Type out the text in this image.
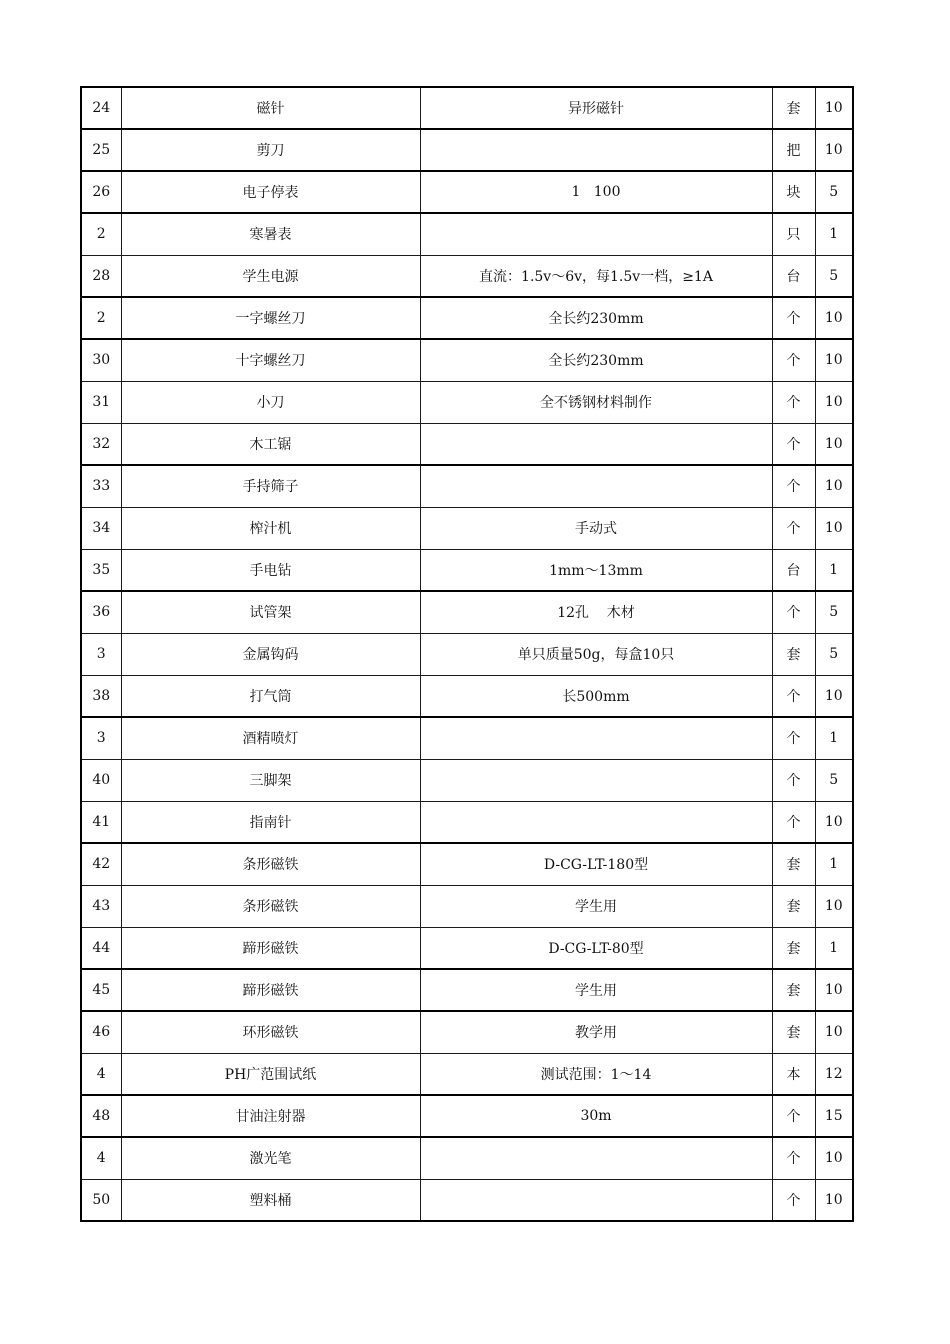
24	磁针	异形磁针	套	10
25	剪刀		把	10
26	电子停表	1   100	块	5
2	寒暑表		只	1
28	学生电源	直流：1.5v～6v，每1.5v一档，≥1A	台	5
2	一字螺丝刀	全长约230mm	个	10
30	十字螺丝刀	全长约230mm	个	10
31	小刀	全不锈钢材料制作	个	10
32	木工锯		个	10
33	手持筛子		个	10
34	榨汁机	手动式	个	10
35	手电钻	1mm～13mm	台	1
36	试管架	12孔    木材	个	5
3	金属钩码	单只质量50g，每盒10只	套	5
38	打气筒	长500mm	个	10
3	酒精喷灯		个	1
40	三脚架		个	5
41	指南针		个	10
42	条形磁铁	D-CG-LT-180型	套	1
43	条形磁铁	学生用	套	10
44	蹄形磁铁	D-CG-LT-80型	套	1
45	蹄形磁铁	学生用	套	10
46	环形磁铁	教学用	套	10
4	PH广范围试纸	测试范围：1～14	本	12
48	甘油注射器	30m	个	15
4	激光笔		个	10
50	塑料桶		个	10
